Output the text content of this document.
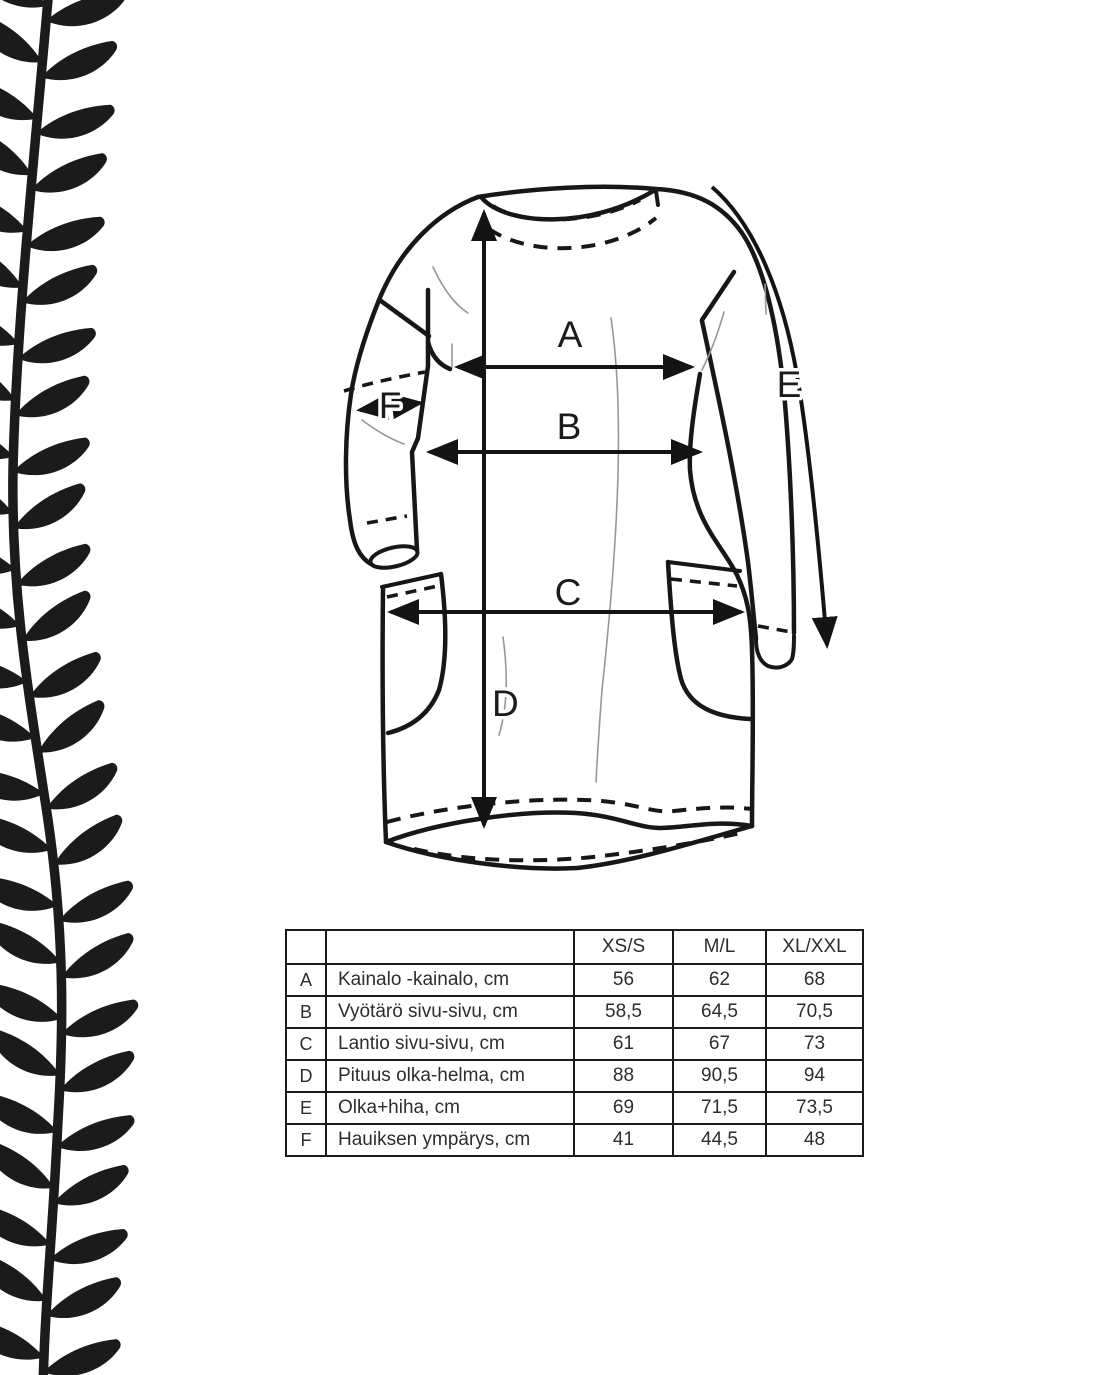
A
B
C
D
E
F
		XS/S	M/L	XL/XXL
A	Kainalo -kainalo, cm	56	62	68
B	Vyötärö sivu-sivu, cm	58,5	64,5	70,5
C	Lantio sivu-sivu, cm	61	67	73
D	Pituus olka-helma, cm	88	90,5	94
E	Olka+hiha, cm	69	71,5	73,5
F	Hauiksen ympärys, cm	41	44,5	48
